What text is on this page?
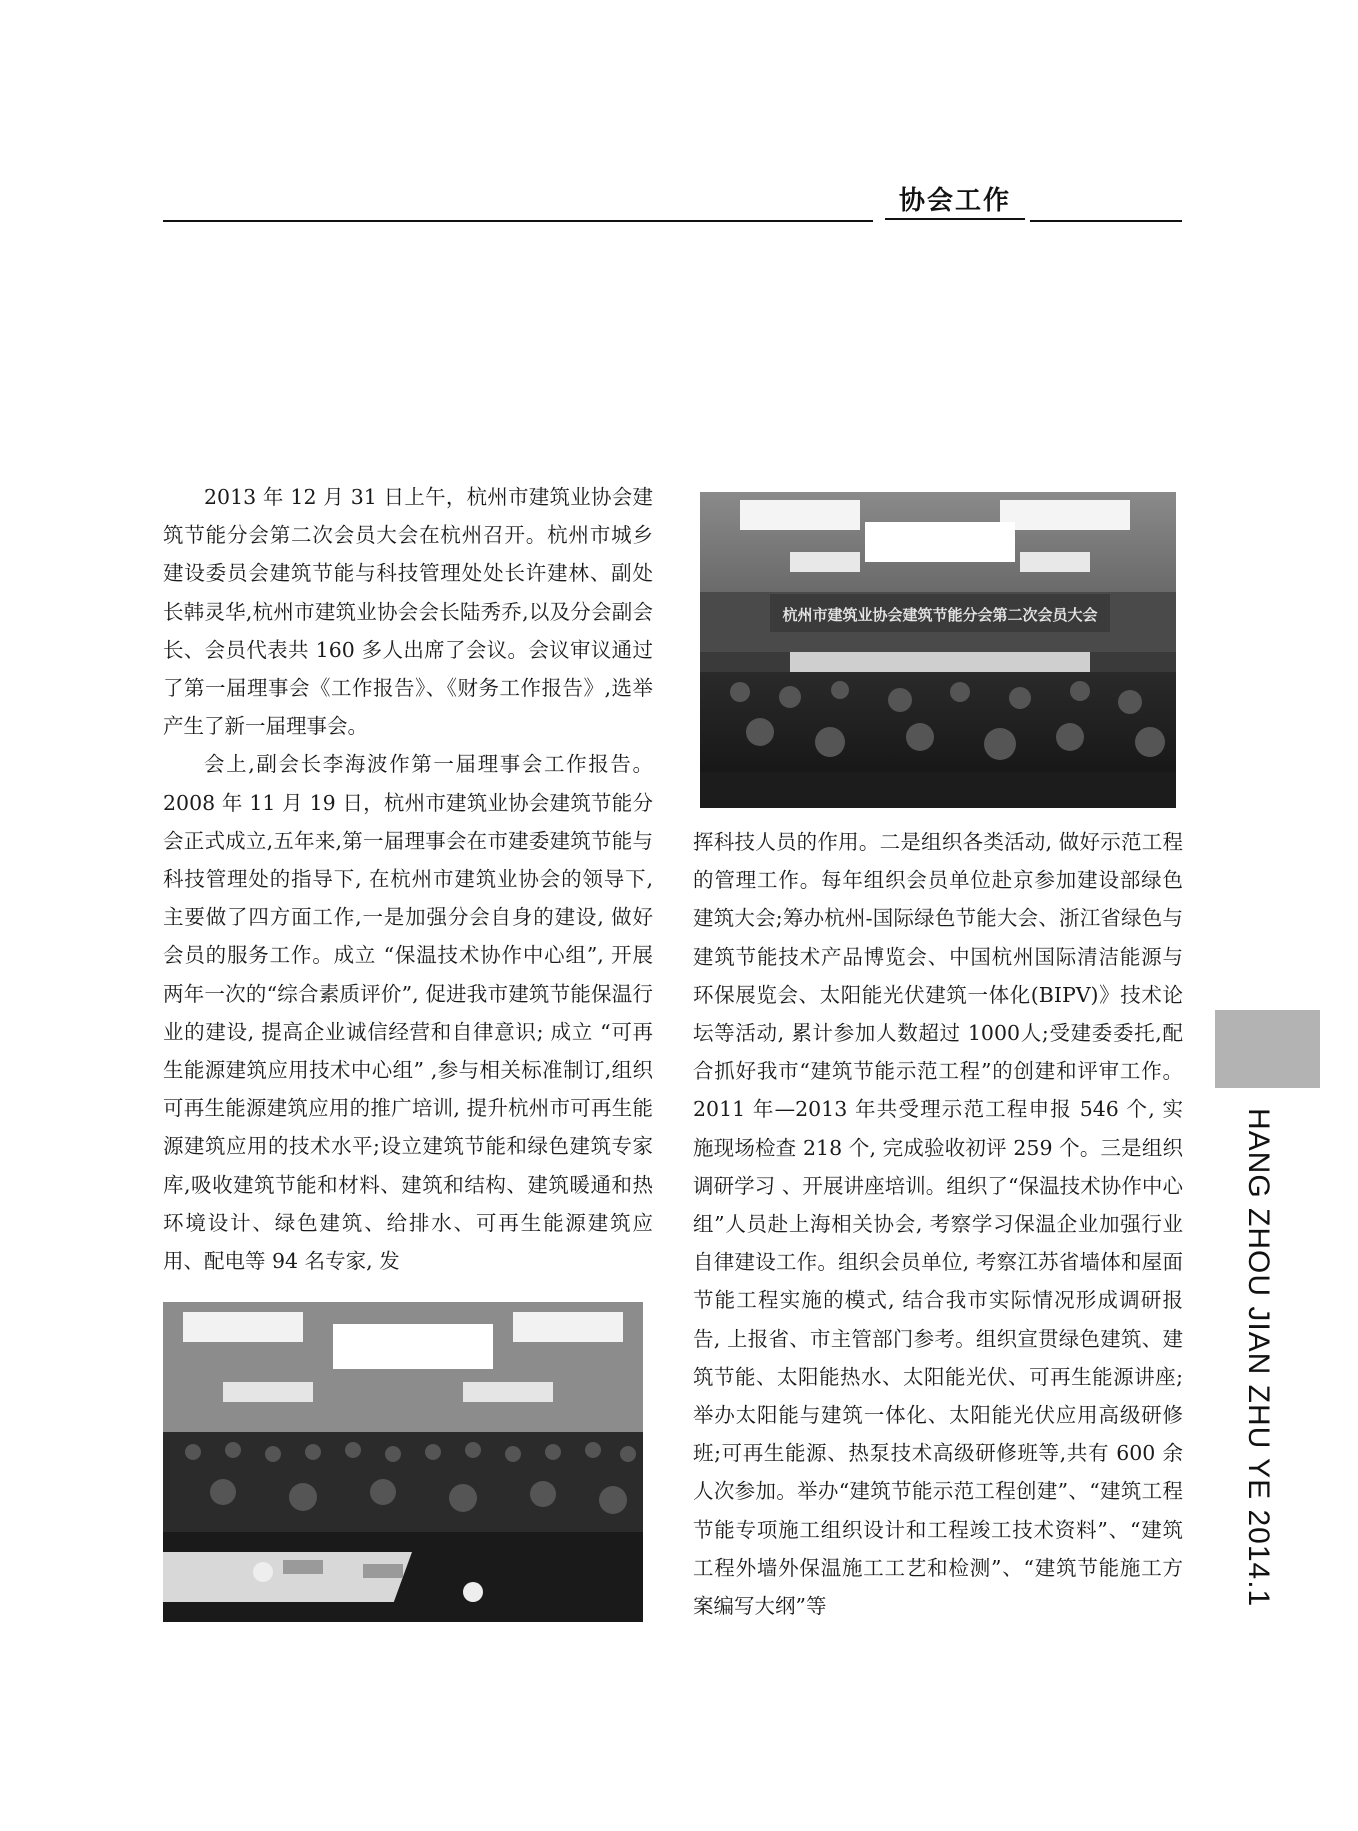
协会工作
杭州市建筑业协会建筑节能分会第二次会员大会

2013 年 12 月 31 日上午，杭州市建筑业协会建筑节能分会第二次会员大会在杭州召开。杭州市城乡建设委员会建筑节能与科技管理处处长许建林、副处长韩灵华,杭州市建筑业协会会长陆秀乔,以及分会副会长、会员代表共 160 多人出席了会议。会议审议通过了第一届理事会《工作报告》、《财务工作报告》,选举产生了新一届理事会。

会上,副会长李海波作第一届理事会工作报告。2008 年 11 月 19 日，杭州市建筑业协会建筑节能分会正式成立,五年来,第一届理事会在市建委建筑节能与科技管理处的指导下, 在杭州市建筑业协会的领导下,主要做了四方面工作,一是加强分会自身的建设, 做好会员的服务工作。成立 “保温技术协作中心组”, 开展两年一次的“综合素质评价”, 促进我市建筑节能保温行业的建设, 提高企业诚信经营和自律意识; 成立 “可再生能源建筑应用技术中心组” ,参与相关标准制订,组织可再生能源建筑应用的推广培训, 提升杭州市可再生能源建筑应用的技术水平;设立建筑节能和绿色建筑专家库,吸收建筑节能和材料、建筑和结构、建筑暖通和热环境设计、绿色建筑、给排水、可再生能源建筑应用、配电等 94 名专家, 发

挥科技人员的作用。二是组织各类活动, 做好示范工程的管理工作。每年组织会员单位赴京参加建设部绿色建筑大会;筹办杭州-国际绿色节能大会、浙江省绿色与建筑节能技术产品博览会、中国杭州国际清洁能源与环保展览会、太阳能光伏建筑一体化(BIPV)》技术论坛等活动, 累计参加人数超过 1000人;受建委委托,配合抓好我市“建筑节能示范工程”的创建和评审工作。2011 年—2013 年共受理示范工程申报 546 个, 实施现场检查 218 个, 完成验收初评 259 个。三是组织调研学习 、开展讲座培训。组织了“保温技术协作中心组”人员赴上海相关协会, 考察学习保温企业加强行业自律建设工作。组织会员单位, 考察江苏省墙体和屋面节能工程实施的模式, 结合我市实际情况形成调研报告, 上报省、市主管部门参考。组织宣贯绿色建筑、建筑节能、太阳能热水、太阳能光伏、可再生能源讲座;举办太阳能与建筑一体化、太阳能光伏应用高级研修班;可再生能源、热泵技术高级研修班等,共有 600 余人次参加。举办“建筑节能示范工程创建”、“建筑工程节能专项施工组织设计和工程竣工技术资料”、“建筑工程外墙外保温施工工艺和检测”、“建筑节能施工方案编写大纲”等	HANG ZHOU JIAN ZHU YE 2014.1
